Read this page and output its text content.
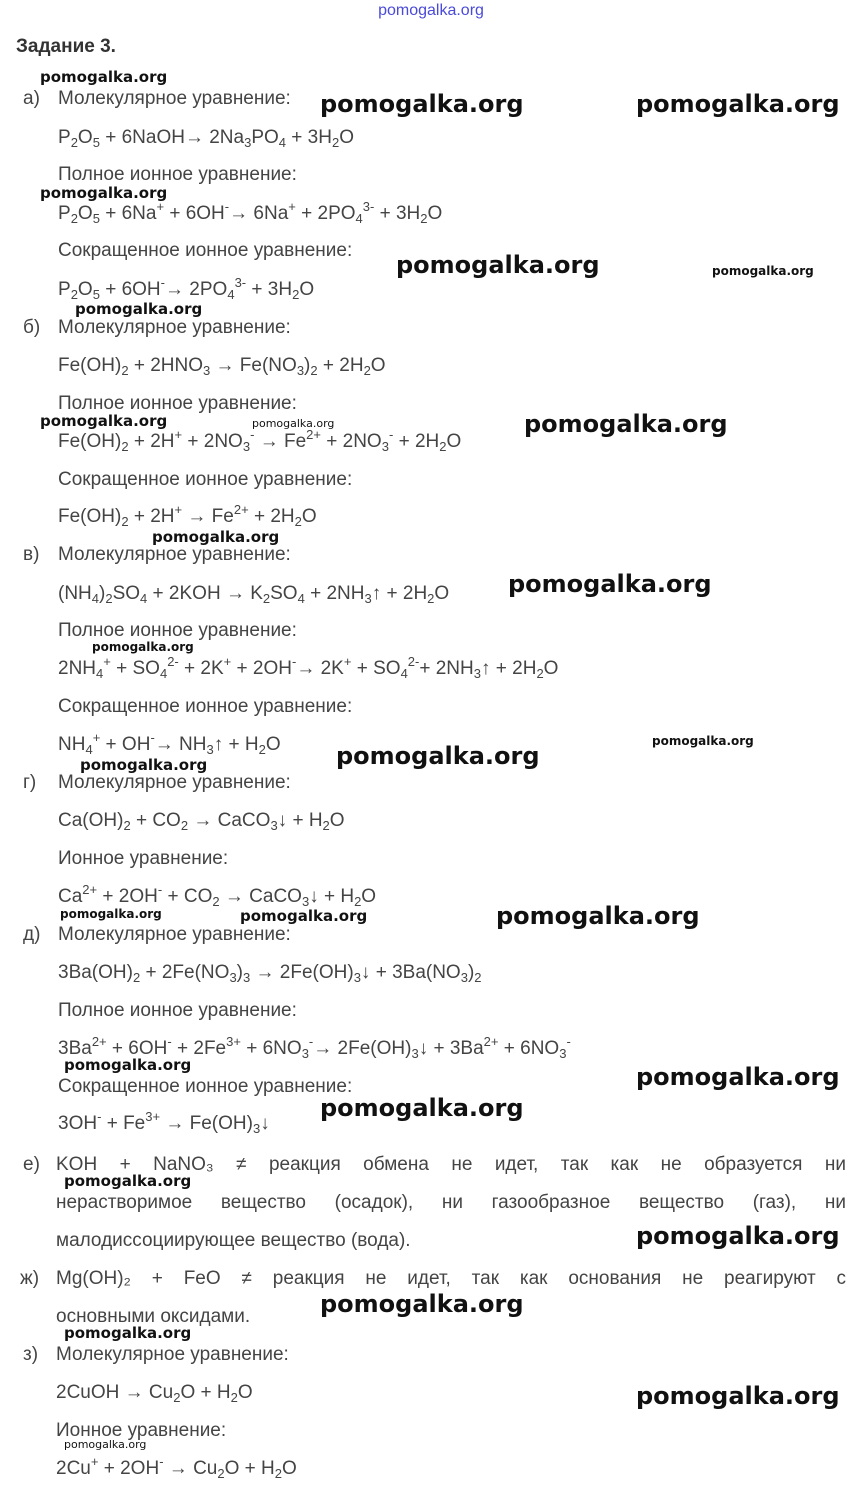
pomogalka.org
Задание 3.
а) Молекулярное уравнение:
$P_2O_5$ + 6NaOH→ $2Na_3PO_4 + 3H_2O$
Полное ионное уравнение:
$P_2O_5 + 6Na^+ + 6OH^-\to 6Na^+ + 2PO_4^{3-} + 3H_2O$
Сокращенное ионное уравнение:
$P_2O_5 + 6OH^-\to 2PO_4^{3-} + 3H_2O$
б) Молекулярное уравнение:
$Fe(OH)_2 + 2HNO_3 \to Fe(NO_3)_2 + 2H_2O$
Полное ионное уравнение:
$Fe(OH)_2 + 2H^+ + 2NO_3^- \to Fe^{2+} + 2NO_3^- + 2H_2O$
Сокращенное ионное уравнение:
$Fe(OH)_2 + 2H^+ \to Fe^{2+} + 2H_2O$
в) Молекулярное уравнение:
$(NH_4)_2SO_4 + 2KOH \to K_2SO_4$ + $2NH_3↑ + 2H_2O$
Полное ионное уравнение:
$2NH_4^+ + SO_4^{2-} + 2K^+ + 2OH^-\to 2K^+ + SO_4^{2-}+$ $2NH_3↑ + 2H_2O$
Сокращенное ионное уравнение:
$NH_4^+ + OH^-\to$ $NH_3↑ + H_2O$
г) Молекулярное уравнение:
$Ca(OH)_2 + CO_2$ → CaCO$_3$↓ + $H_2O$
Ионное уравнение:
$Ca^{2+} + 2OH^- + CO_2$ → CaCO$_3$↓ + $H_2O$
д) Молекулярное уравнение:
$3Ba(OH)_2 + 2Fe(NO_3)_3$ → $2Fe(OH)_3↓ + 3Ba(NO_3)_2$
Полное ионное уравнение:
$3Ba^{2+} + 6OH^- + 2Fe^{3+} + 6NO_3^-\to$ $2Fe(OH)_3↓ + 3Ba^{2+} + 6NO_3^-$
Сокращенное ионное уравнение:
$3OH^- + Fe^{3+}$ → $Fe(OH)_3↓$
е) KOH + NaNO₃ ≠ реакция обмена не идет, так как не образуется ни
нерастворимое вещество (осадок), ни газообразное вещество (газ), ни
малодиссоциирующее вещество (вода).
ж) Mg(OH)₂ + FeO ≠ реакция не идет, так как основания не реагируют с
основными оксидами.
з) Молекулярное уравнение:
2CuOH → $Cu_2O + H_2O$
Ионное уравнение:
$2Cu^+ + 2OH^- \to Cu_2O + H_2O$
pomogalka.org
pomogalka.org	pomogalka.org
pomogalka.org
pomogalka.org	pomogalka.org
pomogalka.org
pomogalka.org	pomogalka.org	pomogalka.org
pomogalka.org
pomogalka.org
pomogalka.org
pomogalka.org
pomogalka.org
pomogalka.org
pomogalka.org
pomogalka.org	pomogalka.org
pomogalka.org	pomogalka.org
pomogalka.org
pomogalka.org
pomogalka.org
pomogalka.org
pomogalka.org
pomogalka.org
pomogalka.org
